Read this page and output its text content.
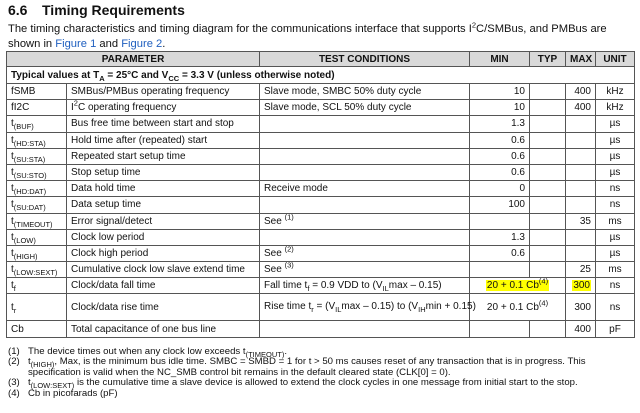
6.6 Timing Requirements
The timing characteristics and timing diagram for the communications interface that supports $I^2C$/SMBus, and PMBus are shown in Figure 1 and Figure 2.
PARAMETER		TEST CONDITIONS	MIN	TYP	MAX	UNIT
Typical values at $T_A = 25^\circ C$ and $V_{CC} = 3.3$ V (unless otherwise noted)						
fSMB	SMBus/PMBus operating frequency	Slave mode, SMBC 50% duty cycle	10		400	kHz
fI2C	$I^2C$ operating frequency	Slave mode, SCL 50% duty cycle	10		400	kHz
$t_{(BUF)}$	Bus free time between start and stop		1.3			µs
$t_{(HD:STA)}$	Hold time after (repeated) start		0.6			µs
$t_{(SU:STA)}$	Repeated start setup time		0.6			µs
$t_{(SU:STO)}$	Stop setup time		0.6			µs
$t_{(HD:DAT)}$	Data hold time	Receive mode	0			ns
$t_{(SU:DAT)}$	Data setup time		100			ns
$t_{(TIMEOUT)}$	Error signal/detect	See $^{(1)}$			35	ms
$t_{(LOW)}$	Clock low period		1.3			µs
$t_{(HIGH)}$	Clock high period	See $^{(2)}$	0.6			µs
$t_{(LOW:SEXT)}$	Cumulative clock low slave extend time	See $^{(3)}$			25	ms
$t_f$	Clock/data fall time	Fall time $t_f = 0.9$ VDD to $(V_{IL}\max - 0.15)$	20 + 0.1 Cb$^{(4)}$		300	ns
$t_r$	Clock/data rise time	Rise time $t_r = (V_{IL}\max - 0.15)$ to $(V_{IH}\min + 0.15)$	20 + 0.1 Cb$^{(4)}$		300	ns
Cb	Total capacitance of one bus line				400	pF
(1) The device times out when any clock low exceeds $t_{(TIMEOUT)}$.
(2) $t_{(HIGH)}$, Max, is the minimum bus idle time. SMBC = SMBD = 1 for t > 50 ms causes reset of any transaction that is in progress. This specification is valid when the NC_SMB control bit remains in the default cleared state (CLK[0] = 0).
(3) $t_{(LOW:SEXT)}$ is the cumulative time a slave device is allowed to extend the clock cycles in one message from initial start to the stop.
(4) Cb in picofarads (pF)
